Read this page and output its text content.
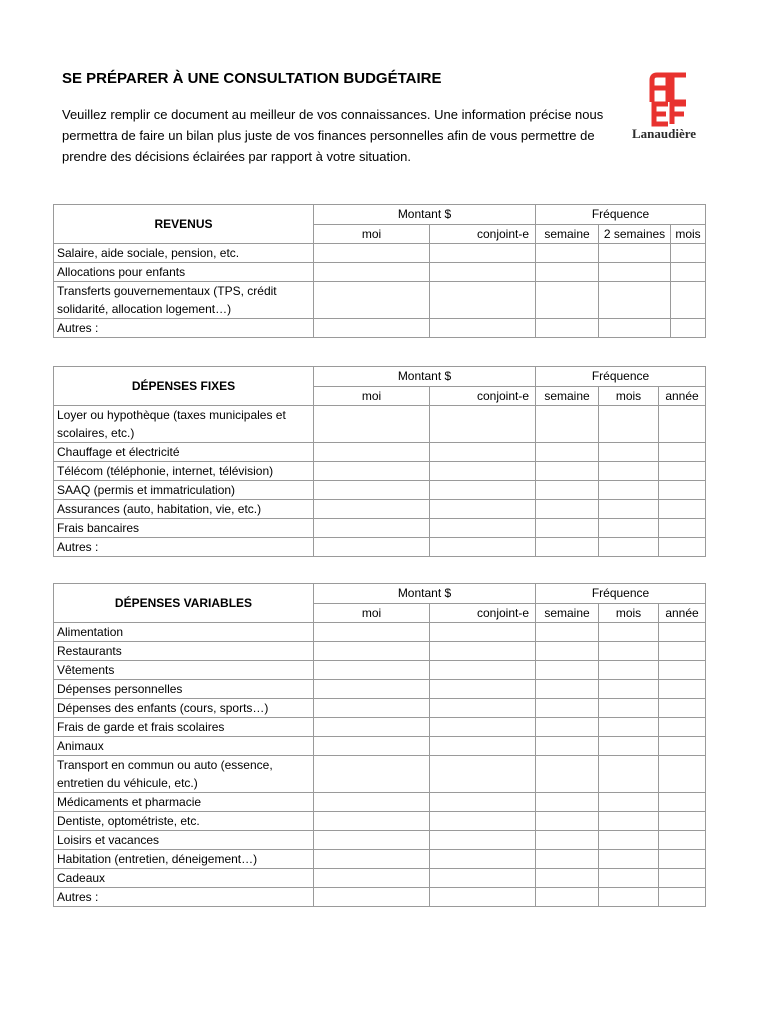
SE PRÉPARER À UNE CONSULTATION BUDGÉTAIRE
Veuillez remplir ce document au meilleur de vos connaissances. Une information précise nous permettra de faire un bilan plus juste de vos finances personnelles afin de vous permettre de prendre des décisions éclairées par rapport à votre situation.
Lanaudière
REVENUS	Montant $		Fréquence		
	moi	conjoint-e	semaine	2 semaines	mois
Salaire, aide sociale, pension, etc.					
Allocations pour enfants					
Transferts gouvernementaux (TPS, crédit solidarité, allocation logement…)					
Autres :					
DÉPENSES FIXES	Montant $		Fréquence		
	moi	conjoint-e	semaine	mois	année
Loyer ou hypothèque (taxes municipales et scolaires, etc.)					
Chauffage et électricité					
Télécom (téléphonie, internet, télévision)					
SAAQ (permis et immatriculation)					
Assurances (auto, habitation, vie, etc.)					
Frais bancaires					
Autres :					
DÉPENSES VARIABLES	Montant $		Fréquence		
	moi	conjoint-e	semaine	mois	année
Alimentation					
Restaurants					
Vêtements					
Dépenses personnelles					
Dépenses des enfants (cours, sports…)					
Frais de garde et frais scolaires					
Animaux					
Transport en commun ou auto (essence, entretien du véhicule, etc.)					
Médicaments et pharmacie					
Dentiste, optométriste, etc.					
Loisirs et vacances					
Habitation (entretien, déneigement…)					
Cadeaux					
Autres :					
